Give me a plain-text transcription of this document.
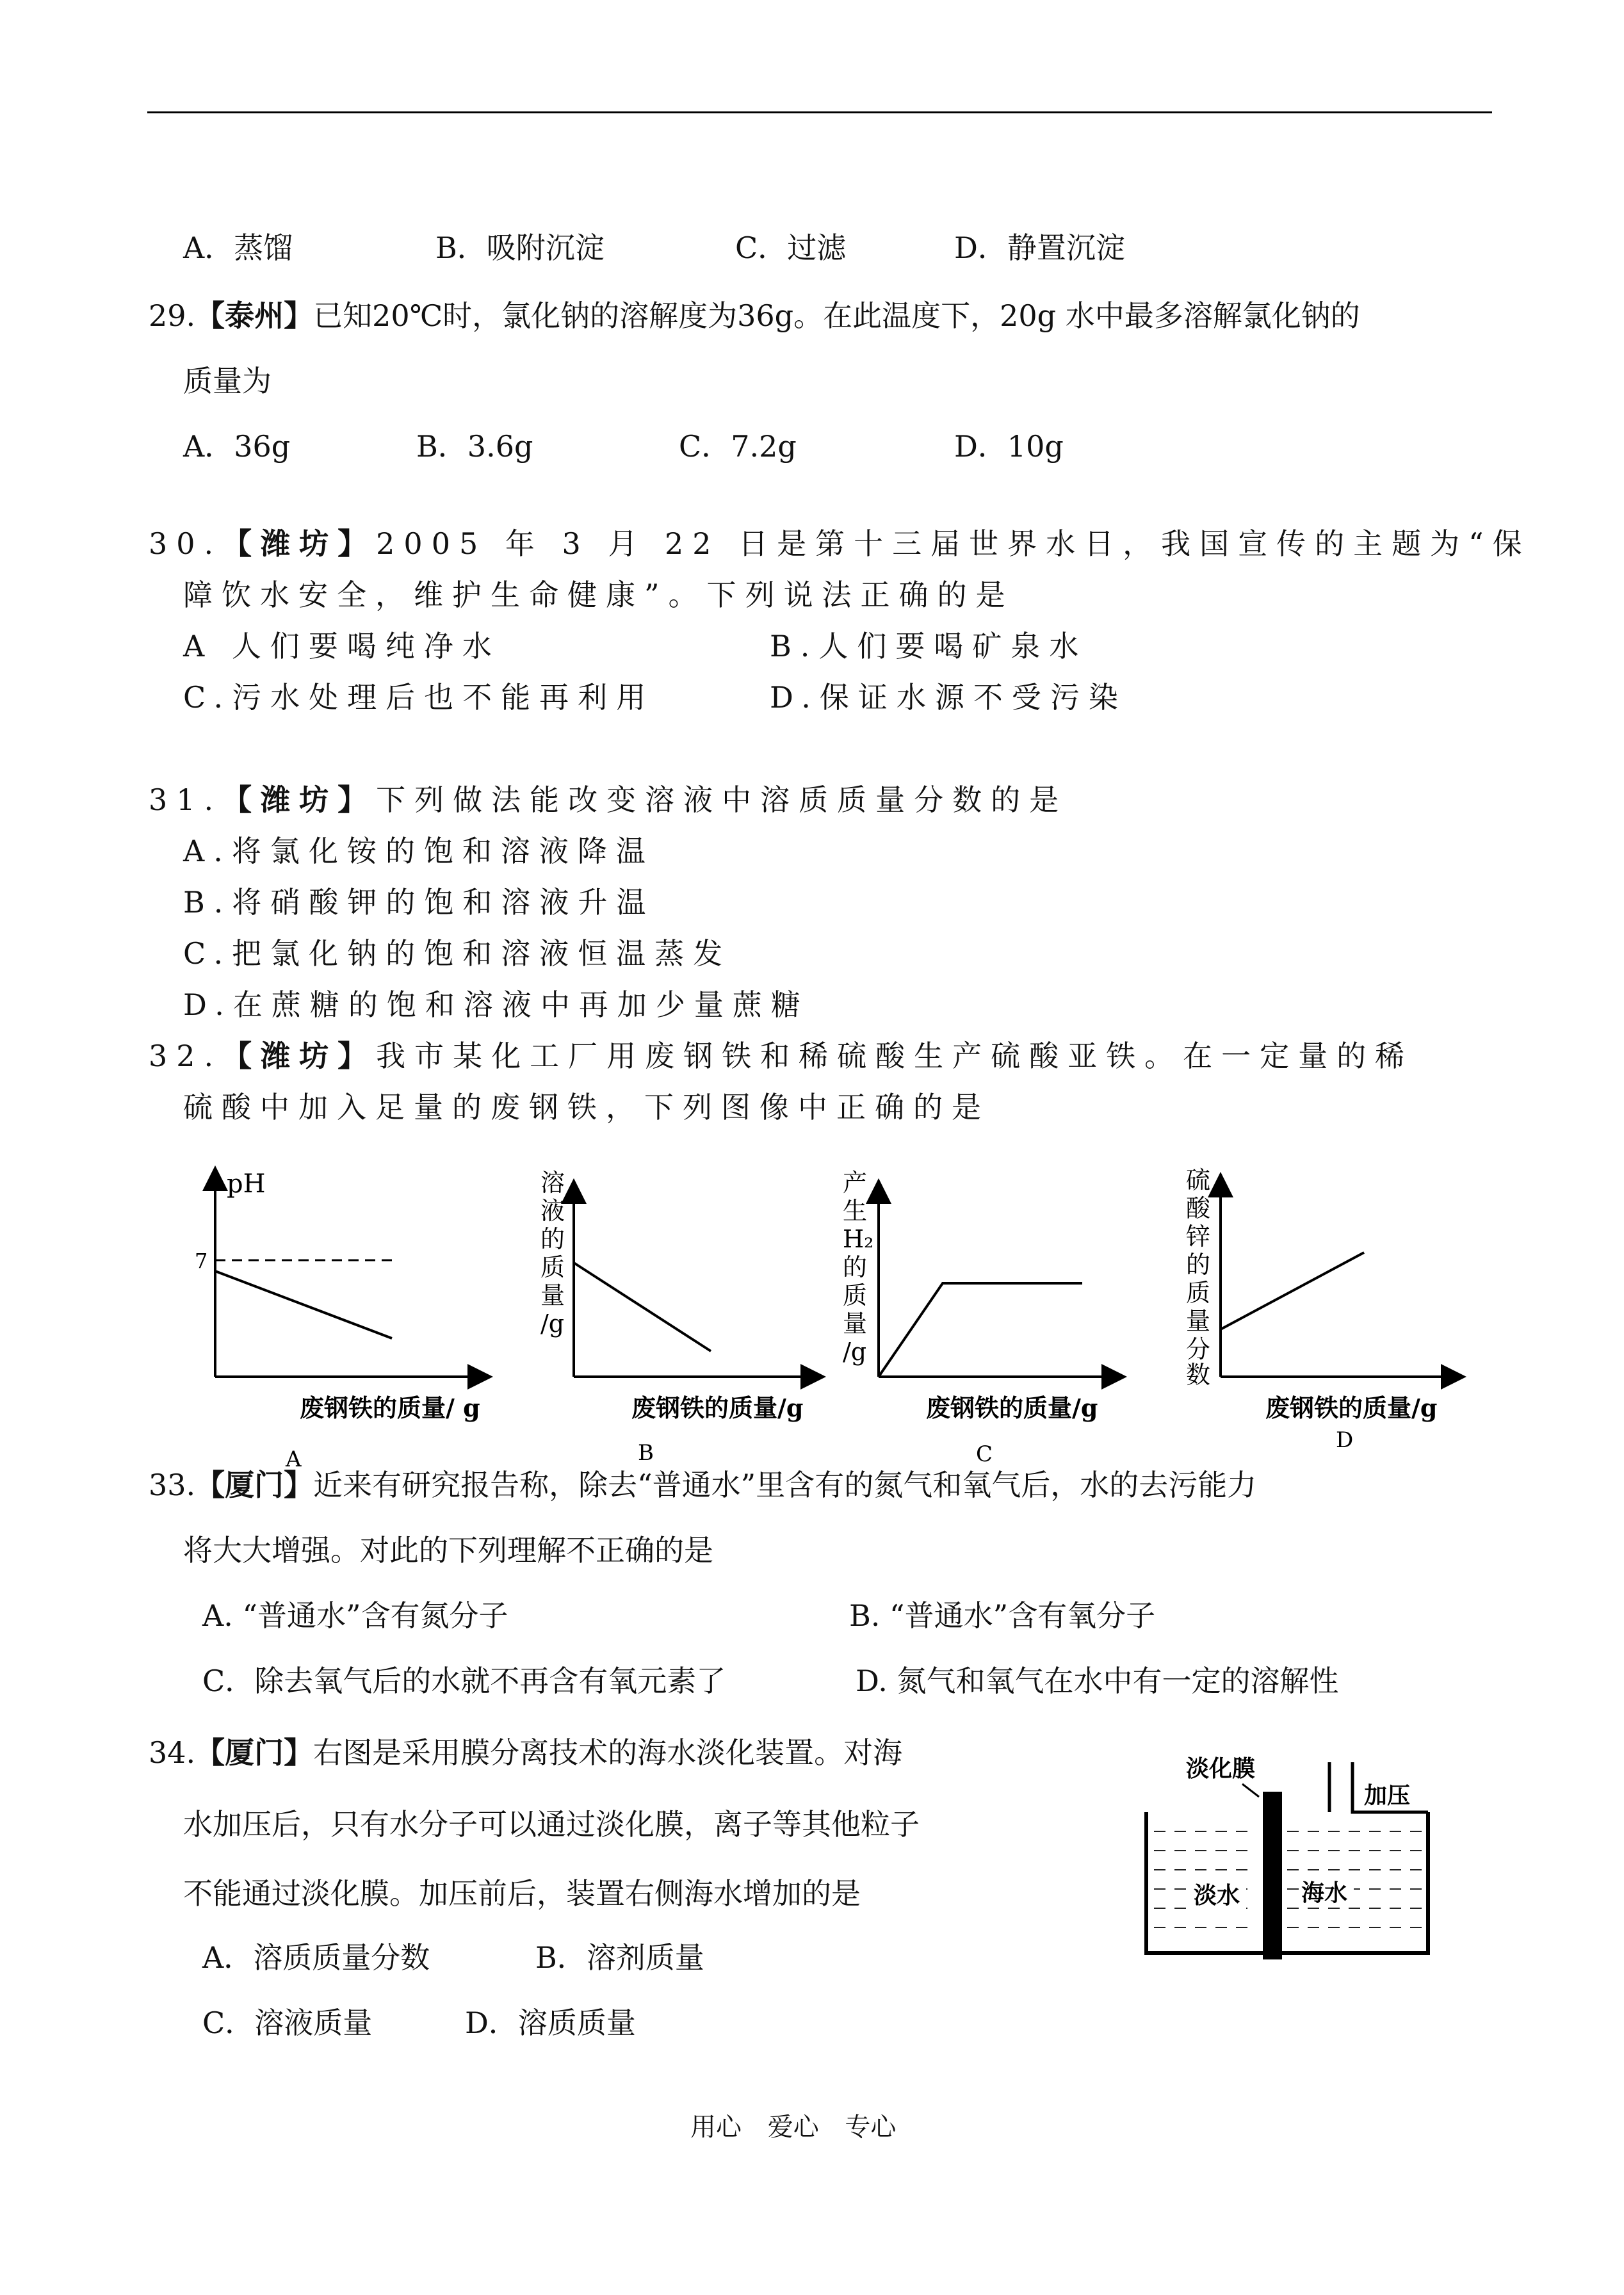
A．蒸馏	B．吸附沉淀	C．过滤	D．静置沉淀
29.【泰州】已知20℃时，氯化钠的溶解度为36g。在此温度下，20g 水中最多溶解氯化钠的
质量为
A．36g	B．3.6g	C．7.2g	D．10g
30.【潍坊】2005 年 3 月 22 日是第十三届世界水日，我国宣传的主题为“保
障饮水安全，维护生命健康”。下列说法正确的是
A 人们要喝纯净水	B.人们要喝矿泉水
C.污水处理后也不能再利用	D.保证水源不受污染
31.【潍坊】下列做法能改变溶液中溶质质量分数的是
A.将氯化铵的饱和溶液降温
B.将硝酸钾的饱和溶液升温
C.把氯化钠的饱和溶液恒温蒸发
D.在蔗糖的饱和溶液中再加少量蔗糖
32.【潍坊】我市某化工厂用废钢铁和稀硫酸生产硫酸亚铁。在一定量的稀
硫酸中加入足量的废钢铁，下列图像中正确的是
pH
7
废钢铁的质量/ g
A
溶液的质量/g
废钢铁的质量/g
B
产生 H₂ 的质量/g
废钢铁的质量/g
C
硫酸锌的质量分数
废钢铁的质量/g
D
淡化膜
加压
淡水	海水
33.【厦门】近来有研究报告称，除去“普通水”里含有的氮气和氧气后，水的去污能力
将大大增强。对此的下列理解不正确的是
A. “普通水”含有氮分子	B. “普通水”含有氧分子
C．除去氧气后的水就不再含有氧元素了	D. 氮气和氧气在水中有一定的溶解性
34.【厦门】右图是采用膜分离技术的海水淡化装置。对海
水加压后，只有水分子可以通过淡化膜，离子等其他粒子
不能通过淡化膜。加压前后，装置右侧海水增加的是
A．溶质质量分数	B．溶剂质量
C．溶液质量	D．溶质质量
用心 爱心 专心
